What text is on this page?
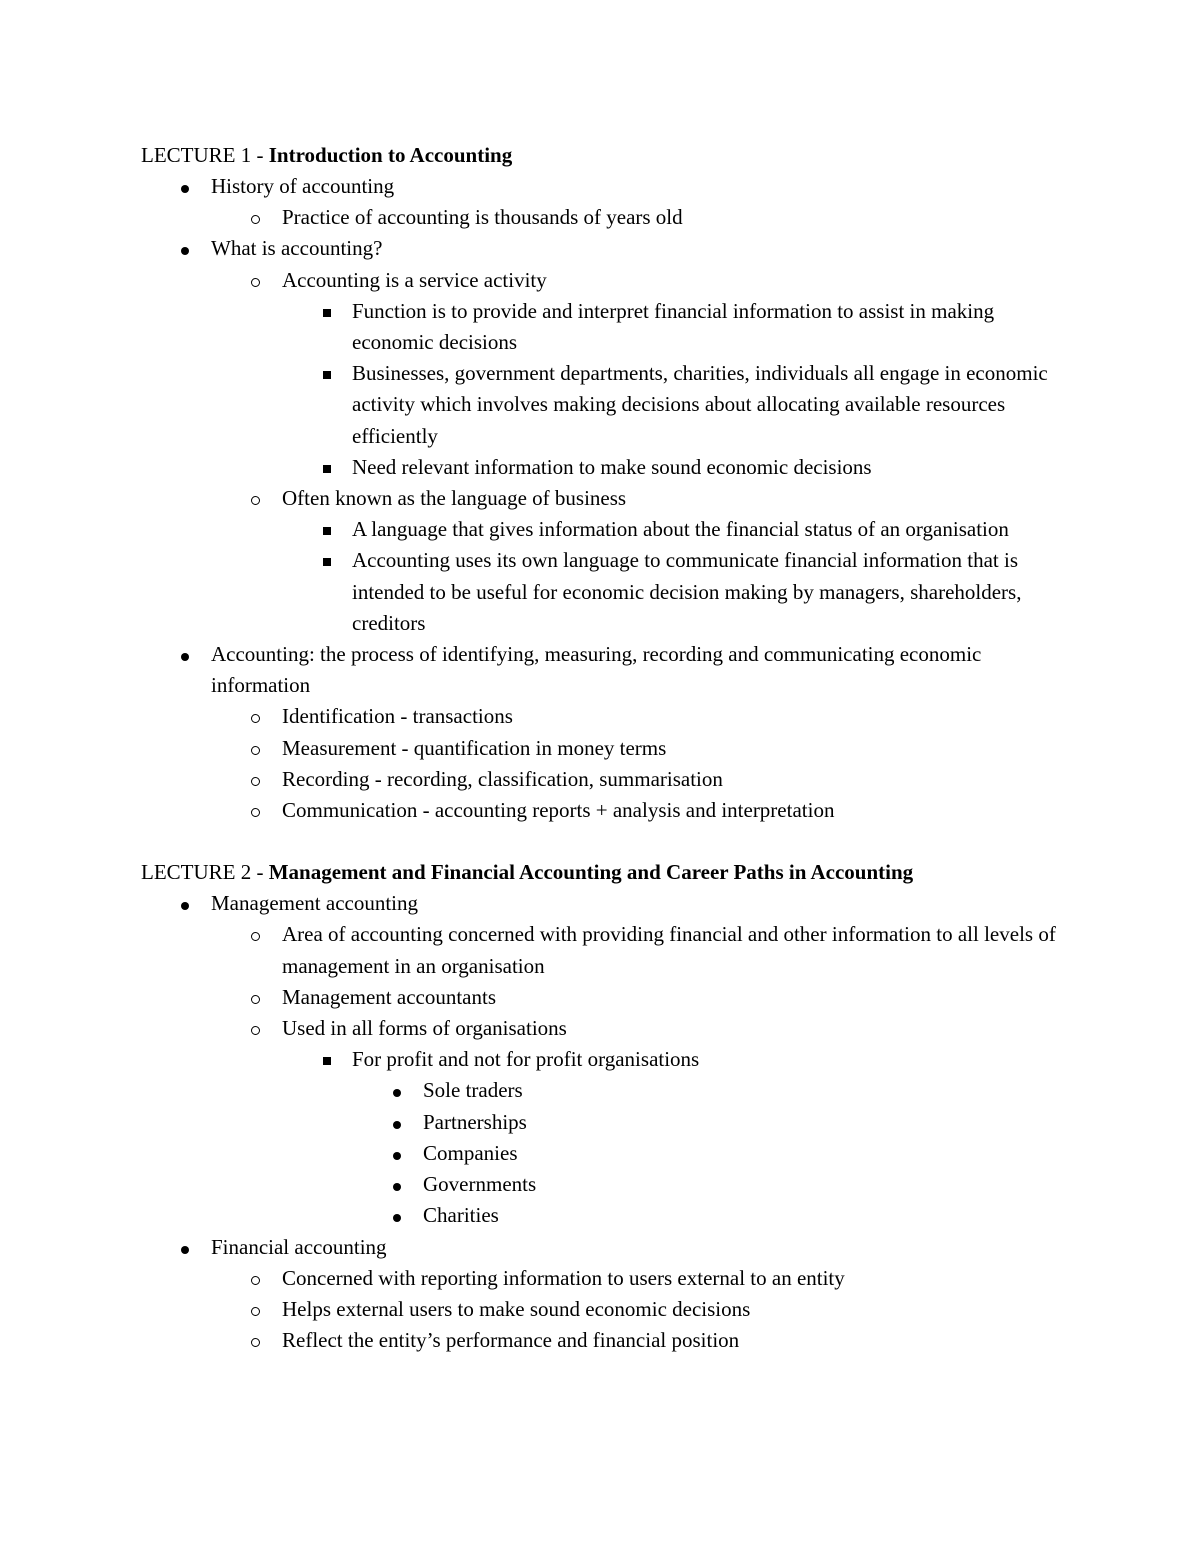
LECTURE 1 - Introduction to Accounting

History of accounting
Practice of accounting is thousands of years old
What is accounting?
Accounting is a service activity
Function is to provide and interpret financial information to assist in making economic decisions
Businesses, government departments, charities, individuals all engage in economic activity which involves making decisions about allocating available resources efficiently
Need relevant information to make sound economic decisions
Often known as the language of business
A language that gives information about the financial status of an organisation
Accounting uses its own language to communicate financial information that is intended to be useful for economic decision making by managers, shareholders, creditors
Accounting: the process of identifying, measuring, recording and communicating economic information
Identification - transactions
Measurement - quantification in money terms
Recording - recording, classification, summarisation
Communication - accounting reports + analysis and interpretation

LECTURE 2 - Management and Financial Accounting and Career Paths in Accounting

Management accounting
Area of accounting concerned with providing financial and other information to all levels of management in an organisation
Management accountants
Used in all forms of organisations
For profit and not for profit organisations
Sole traders
Partnerships
Companies
Governments
Charities
Financial accounting
Concerned with reporting information to users external to an entity
Helps external users to make sound economic decisions
Reflect the entity’s performance and financial position
